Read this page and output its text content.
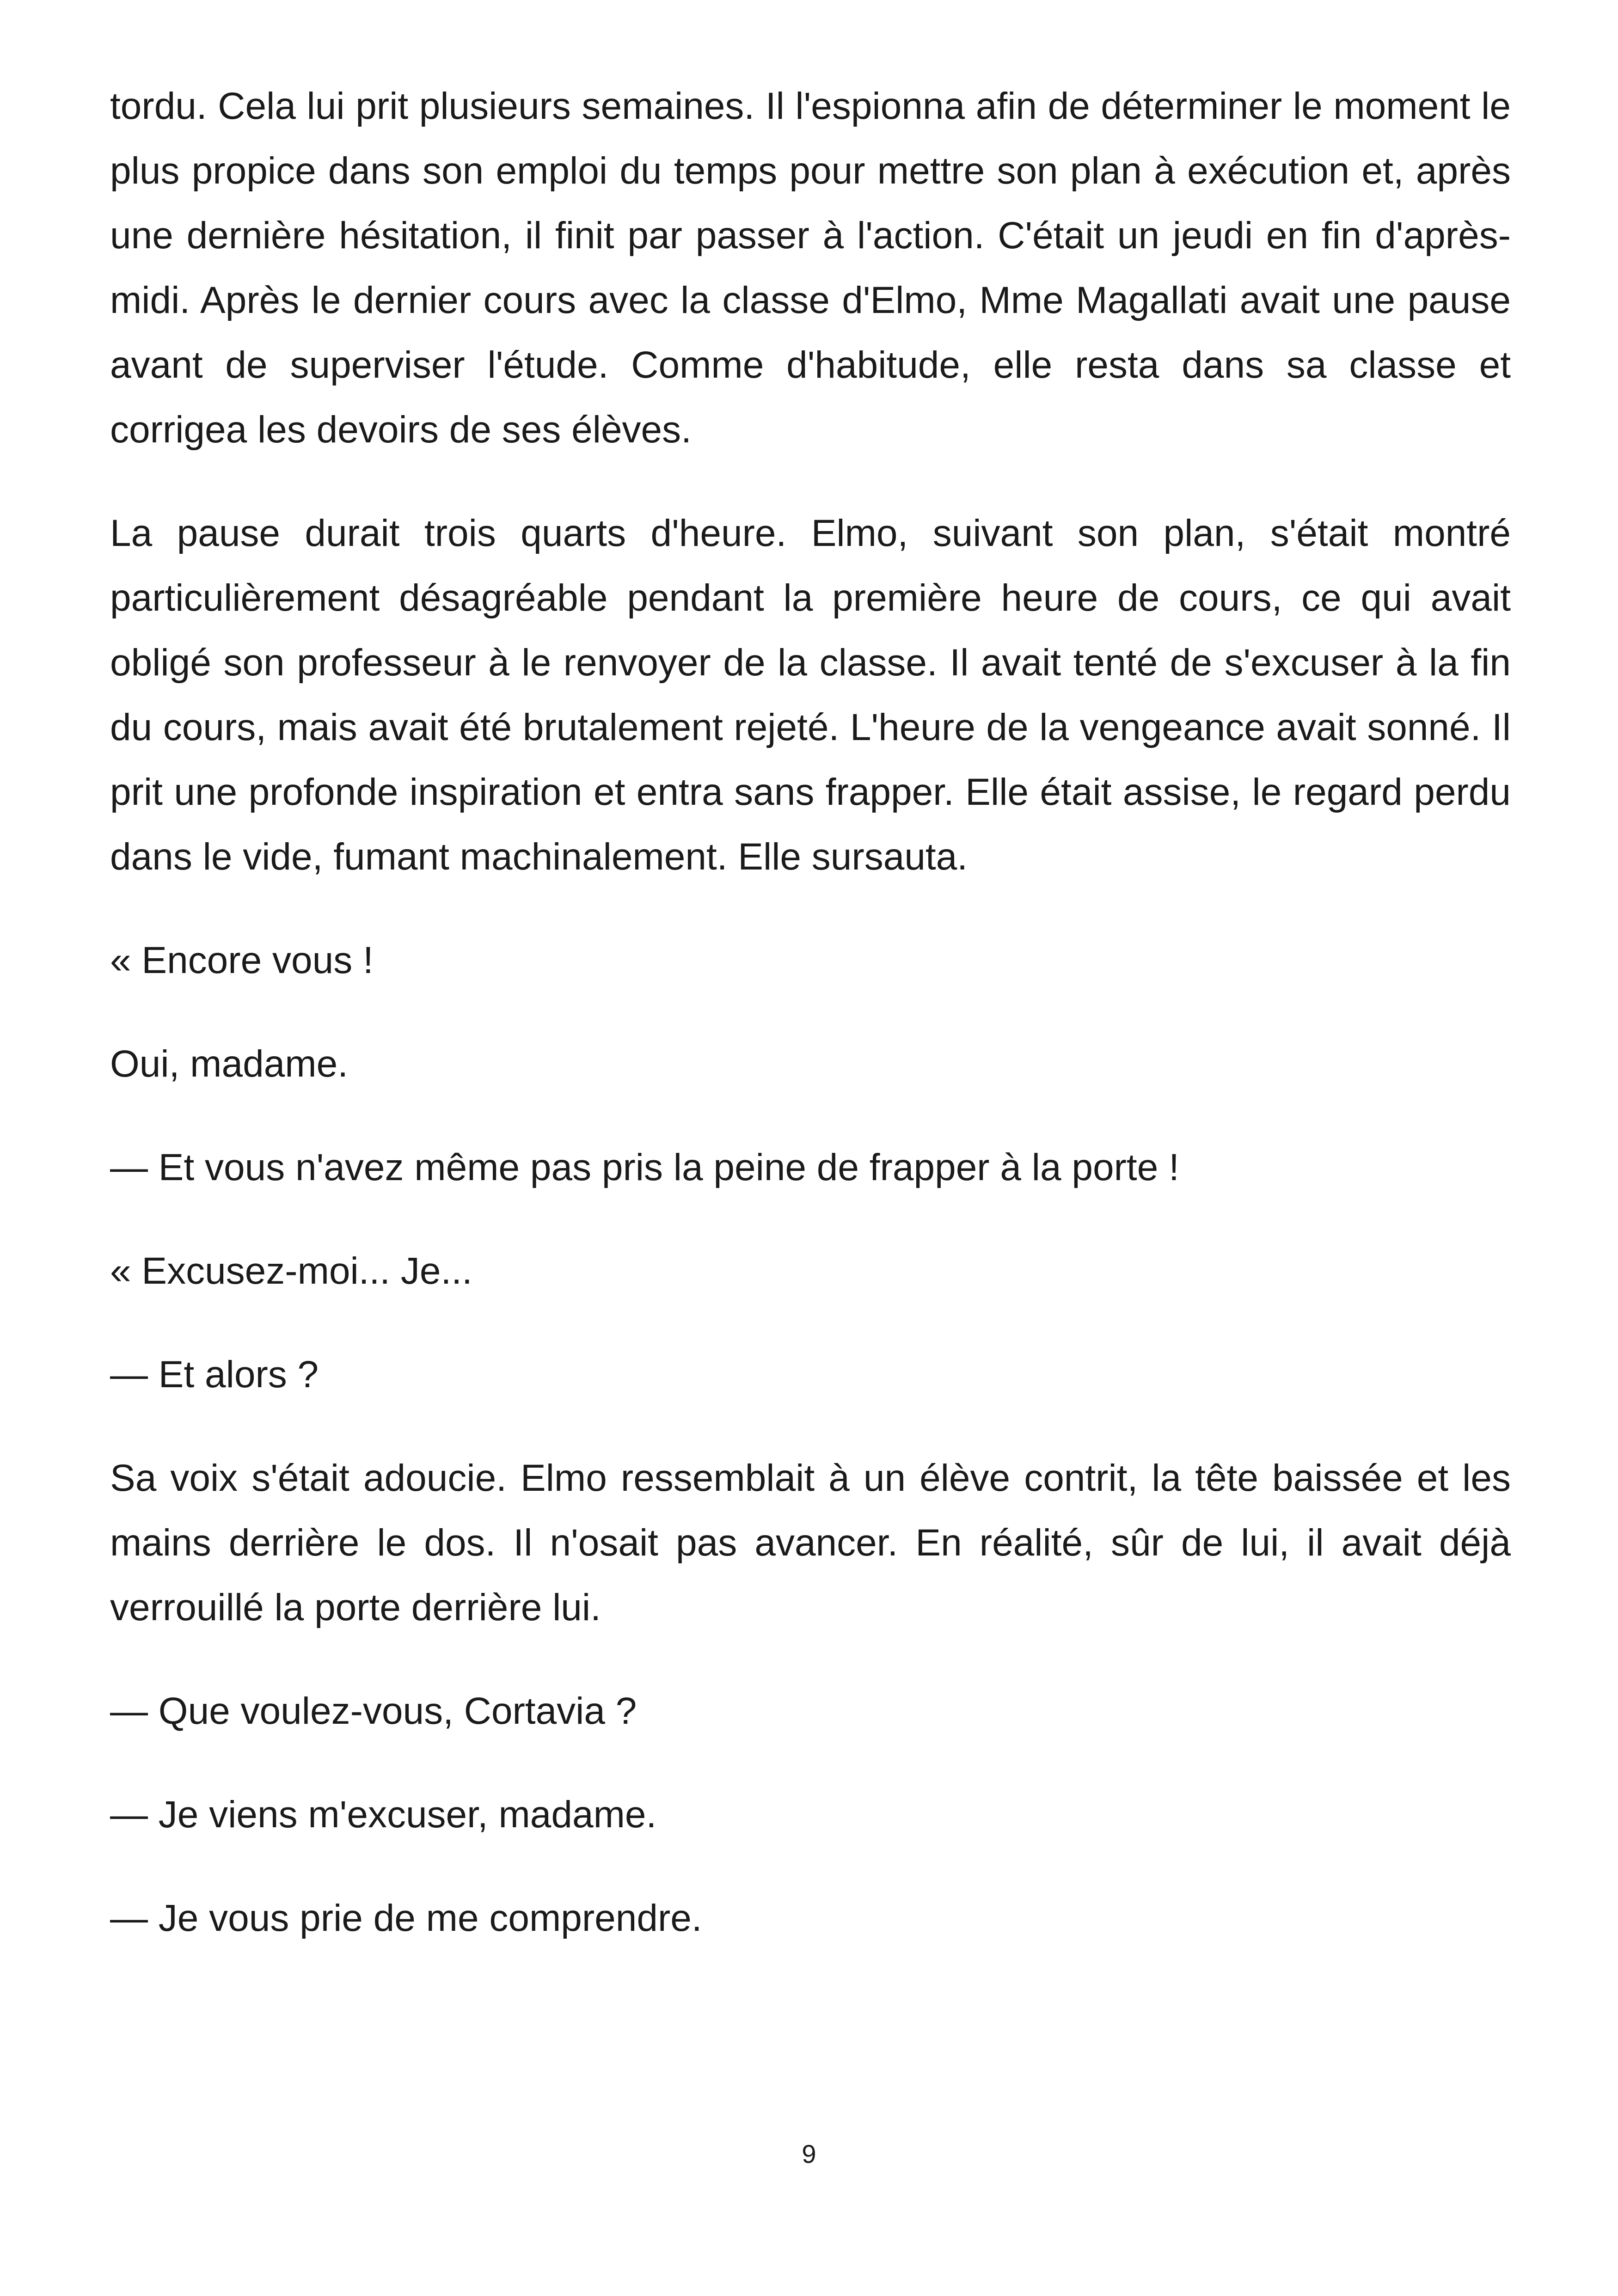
tordu. Cela lui prit plusieurs semaines. Il l'espionna afin de déterminer le moment le plus propice dans son emploi du temps pour mettre son plan à exécution et, après une dernière hésitation, il finit par passer à l'action. C'était un jeudi en fin d'après-midi. Après le dernier cours avec la classe d'Elmo, Mme Magallati avait une pause avant de superviser l'étude. Comme d'habitude, elle resta dans sa classe et corrigea les devoirs de ses élèves.

La pause durait trois quarts d'heure. Elmo, suivant son plan, s'était montré particulièrement désagréable pendant la première heure de cours, ce qui avait obligé son professeur à le renvoyer de la classe. Il avait tenté de s'excuser à la fin du cours, mais avait été brutalement rejeté. L'heure de la vengeance avait sonné. Il prit une profonde inspiration et entra sans frapper. Elle était assise, le regard perdu dans le vide, fumant machinalement. Elle sursauta.

« Encore vous !

Oui, madame.

— Et vous n'avez même pas pris la peine de frapper à la porte !

« Excusez-moi... Je...

— Et alors ?

Sa voix s'était adoucie. Elmo ressemblait à un élève contrit, la tête baissée et les mains derrière le dos. Il n'osait pas avancer. En réalité, sûr de lui, il avait déjà verrouillé la porte derrière lui.

— Que voulez-vous, Cortavia ?

— Je viens m'excuser, madame.

— Je vous prie de me comprendre.

9
